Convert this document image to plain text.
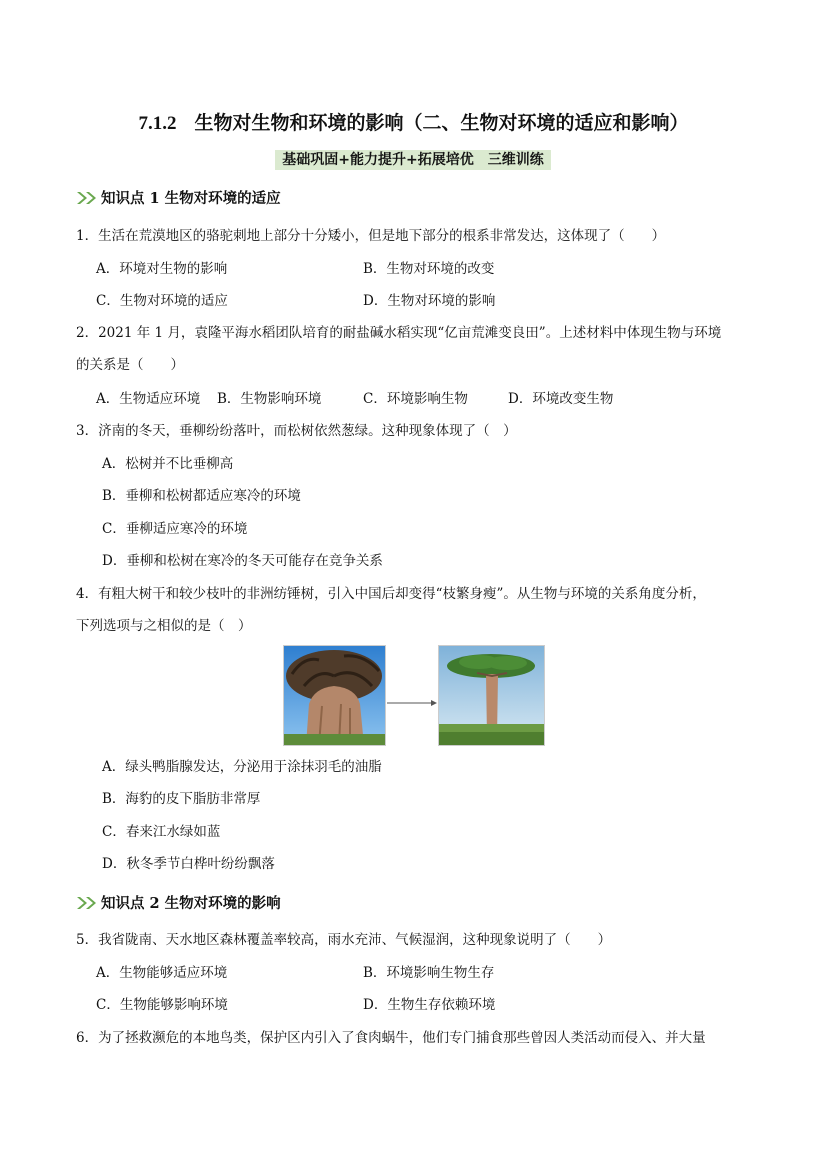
7.1.2 生物对生物和环境的影响（二、生物对环境的适应和影响）
基础巩固+能力提升+拓展培优　三维训练
知识点 1 生物对环境的适应
1．生活在荒漠地区的骆驼刺地上部分十分矮小，但是地下部分的根系非常发达，这体现了（　　）
A．环境对生物的影响	B．生物对环境的改变
C．生物对环境的适应	D．生物对环境的影响
2．2021 年 1 月，袁隆平海水稻团队培育的耐盐碱水稻实现“亿亩荒滩变良田”。上述材料中体现生物与环境
的关系是（　　）
A．生物适应环境 B．生物影响环境	C．环境影响生物	D．环境改变生物
3．济南的冬天，垂柳纷纷落叶，而松树依然葱绿。这种现象体现了（　）
A．松树并不比垂柳高
B．垂柳和松树都适应寒冷的环境
C．垂柳适应寒冷的环境
D．垂柳和松树在寒冷的冬天可能存在竞争关系
4．有粗大树干和较少枝叶的非洲纺锤树，引入中国后却变得“枝繁身瘦”。从生物与环境的关系角度分析，
下列选项与之相似的是（　）
A．绿头鸭脂腺发达，分泌用于涂抹羽毛的油脂
B．海豹的皮下脂肪非常厚
C．春来江水绿如蓝
D．秋冬季节白桦叶纷纷飘落
知识点 2 生物对环境的影响
5．我省陇南、天水地区森林覆盖率较高，雨水充沛、气候湿润，这种现象说明了（　　）
A．生物能够适应环境	B．环境影响生物生存
C．生物能够影响环境	D．生物生存依赖环境
6．为了拯救濒危的本地鸟类，保护区内引入了食肉蜗牛，他们专门捕食那些曾因人类活动而侵入、并大量
